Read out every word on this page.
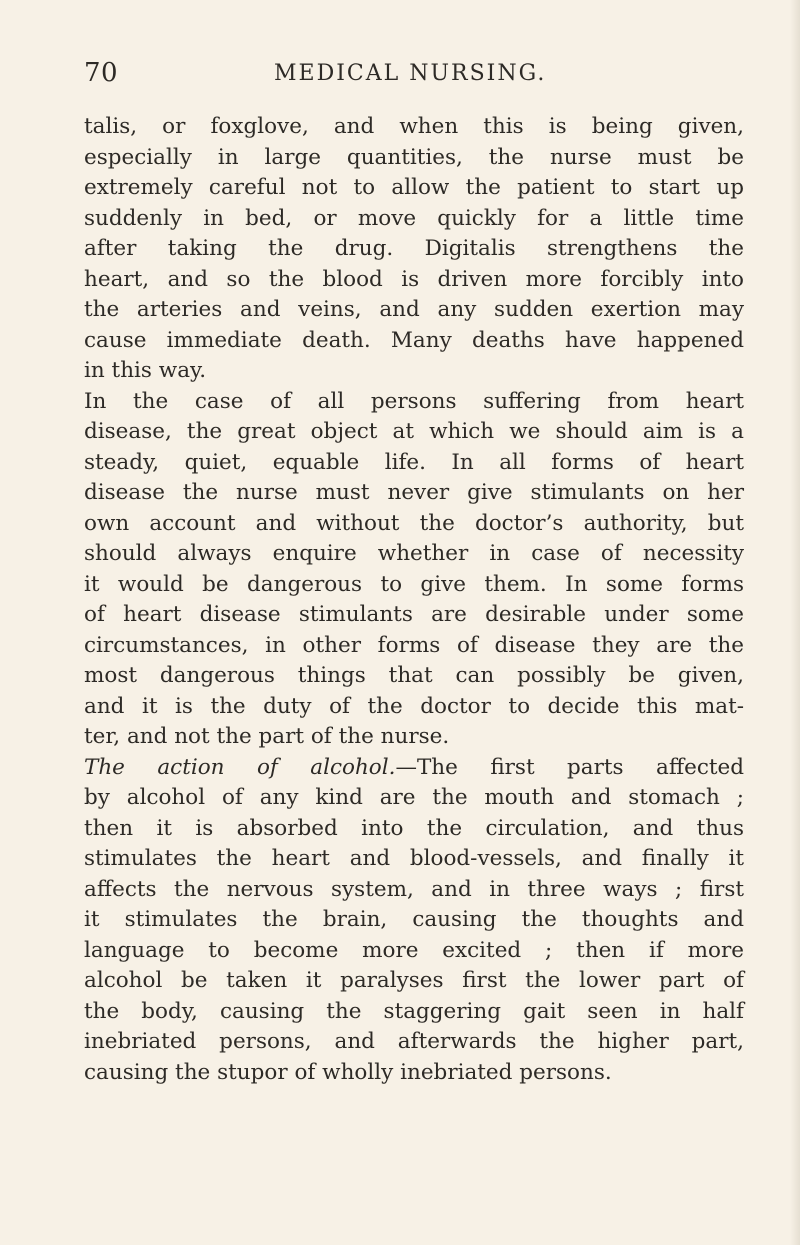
70	MEDICAL NURSING.
talis, or foxglove, and when this is being given,
especially in large quantities, the nurse must be
extremely careful not to allow the patient to start up
suddenly in bed, or move quickly for a little time
after taking the drug. Digitalis strengthens the
heart, and so the blood is driven more forcibly into
the arteries and veins, and any sudden exertion may
cause immediate death. Many deaths have happened
in this way.
In the case of all persons suffering from heart
disease, the great object at which we should aim is a
steady, quiet, equable life. In all forms of heart
disease the nurse must never give stimulants on her
own account and without the doctor’s authority, but
should always enquire whether in case of necessity
it would be dangerous to give them. In some forms
of heart disease stimulants are desirable under some
circumstances, in other forms of disease they are the
most dangerous things that can possibly be given,
and it is the duty of the doctor to decide this mat-
ter, and not the part of the nurse.
The action of alcohol.—The first parts affected
by alcohol of any kind are the mouth and stomach ;
then it is absorbed into the circulation, and thus
stimulates the heart and blood-vessels, and finally it
affects the nervous system, and in three ways ; first
it stimulates the brain, causing the thoughts and
language to become more excited ; then if more
alcohol be taken it paralyses first the lower part of
the body, causing the staggering gait seen in half
inebriated persons, and afterwards the higher part,
causing the stupor of wholly inebriated persons.
